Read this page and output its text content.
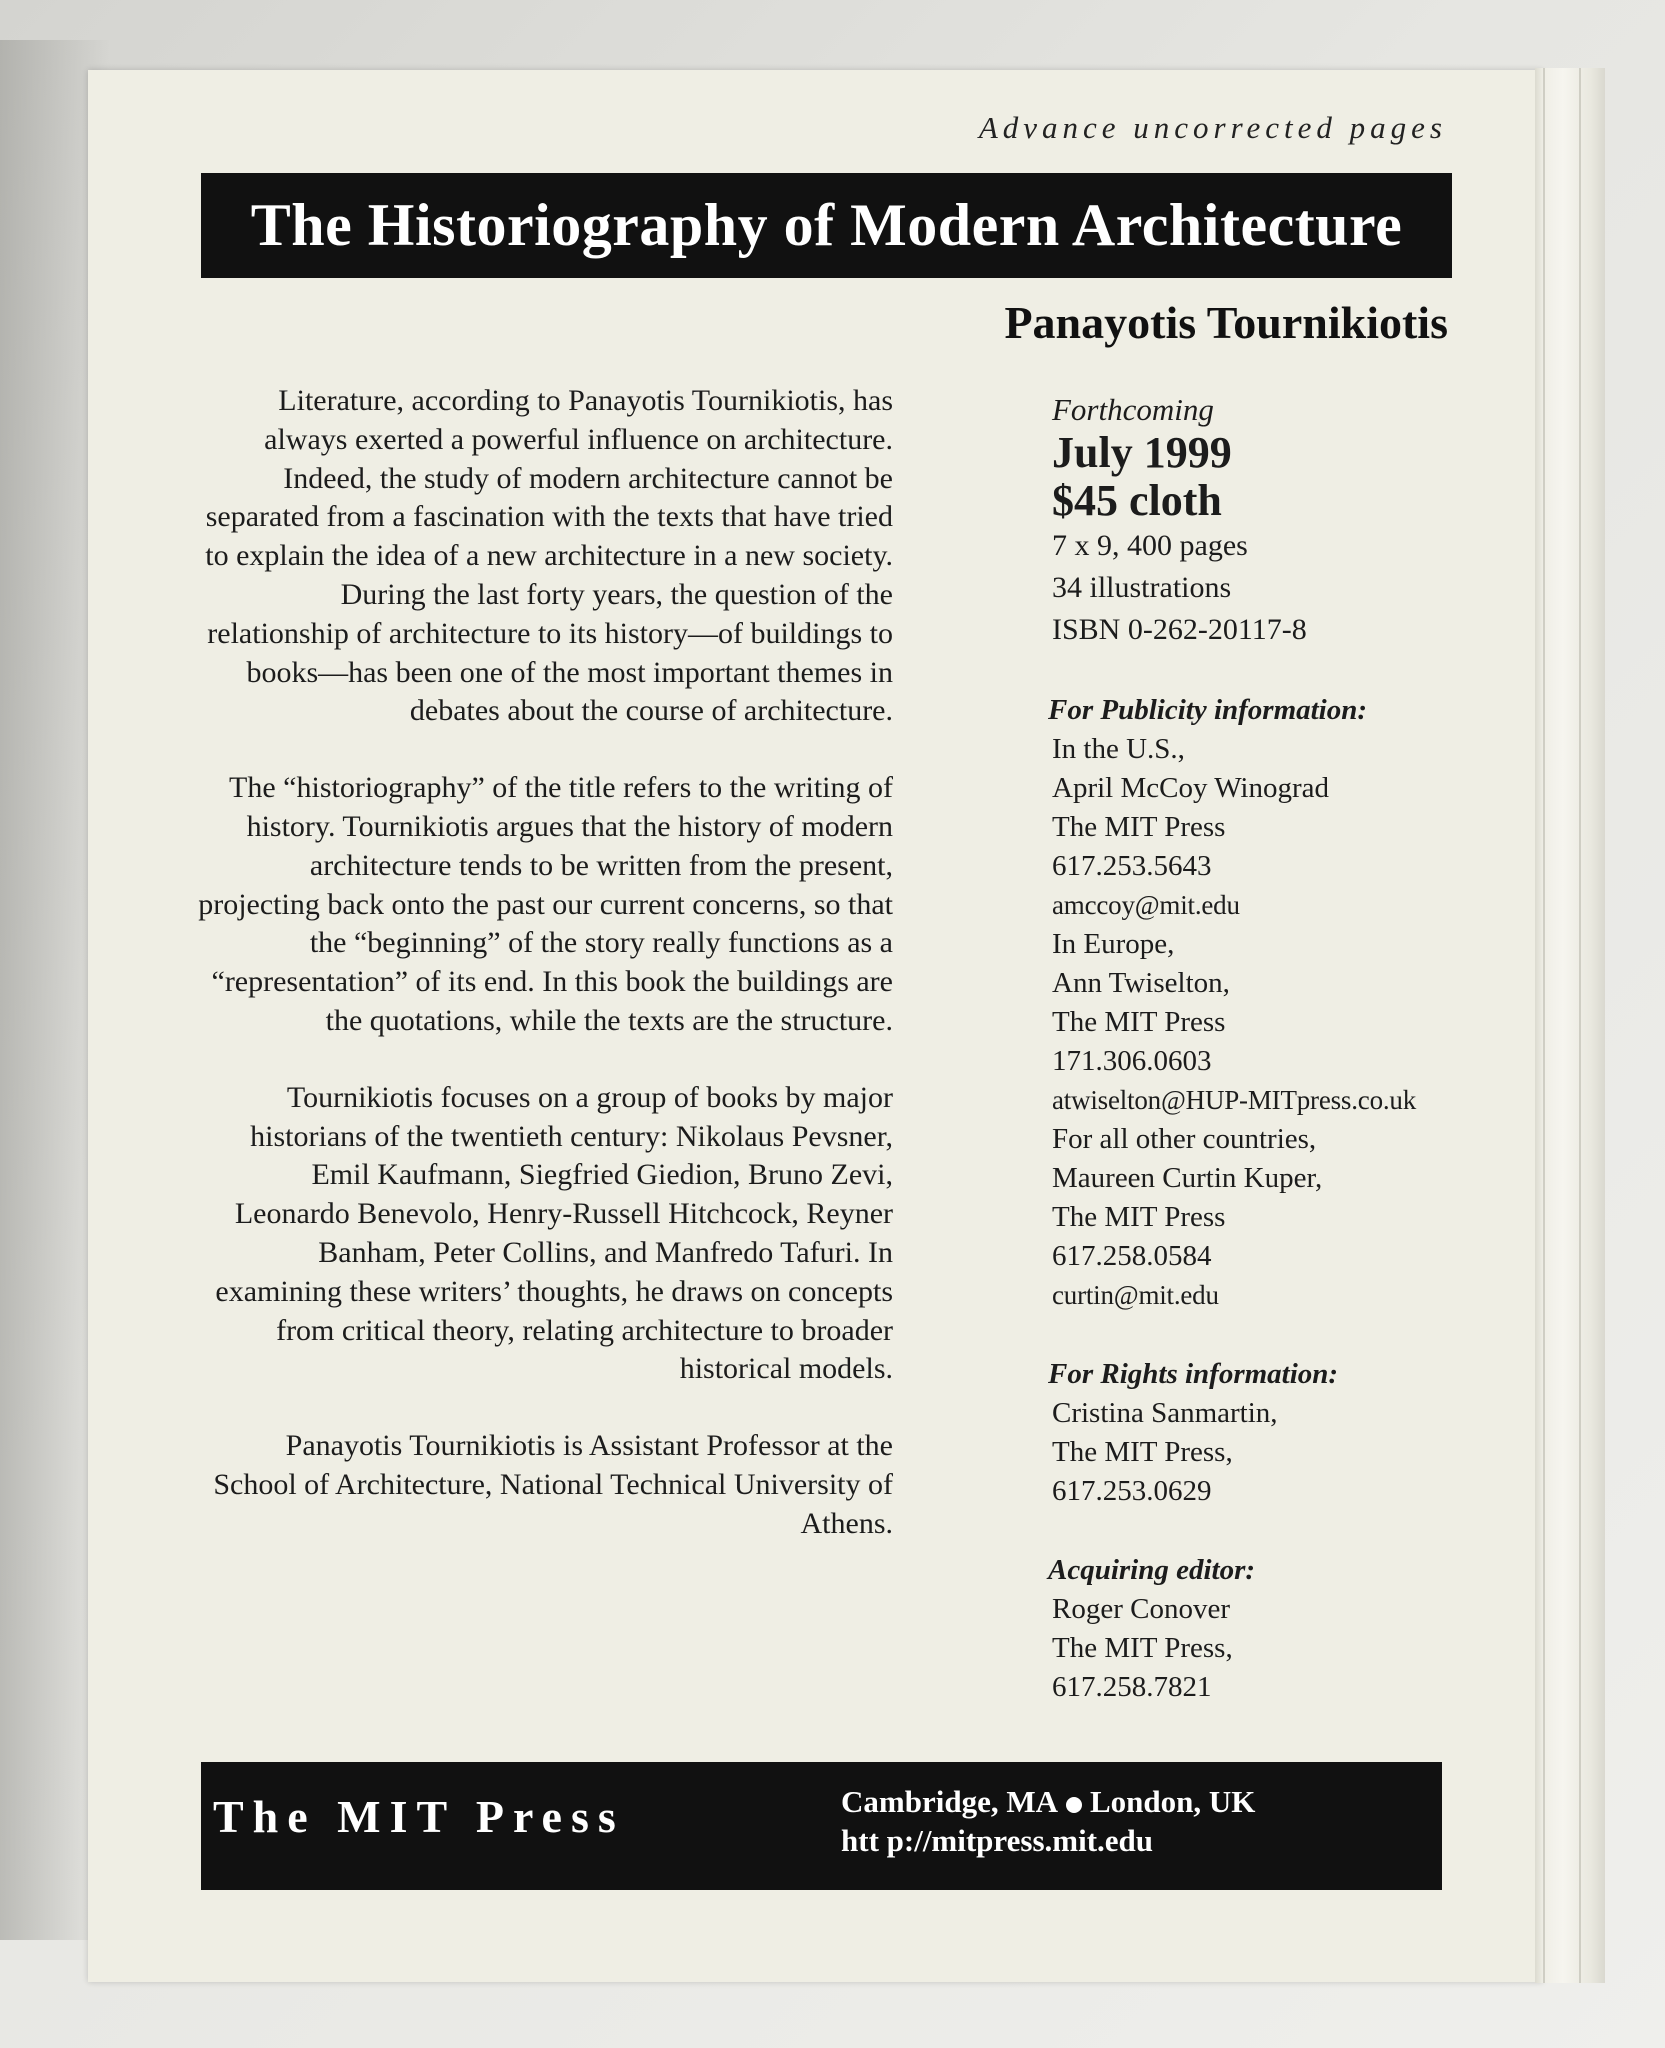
Advance uncorrected pages
The Historiography of Modern Architecture
Panayotis Tournikiotis

Literature, according to Panayotis Tournikiotis, has always exerted a powerful influence on architecture. Indeed, the study of modern architecture cannot be separated from a fascination with the texts that have tried to explain the idea of a new architecture in a new society. During the last forty years, the question of the relationship of architecture to its history—of buildings to books—has been one of the most important themes in debates about the course of architecture.

The “historiography” of the title refers to the writing of history. Tournikiotis argues that the history of modern architecture tends to be written from the present, projecting back onto the past our current concerns, so that the “beginning” of the story really functions as a “representation” of its end. In this book the buildings are the quotations, while the texts are the structure.

Tournikiotis focuses on a group of books by major historians of the twentieth century: Nikolaus Pevsner, Emil Kaufmann, Siegfried Giedion, Bruno Zevi, Leonardo Benevolo, Henry-Russell Hitchcock, Reyner Banham, Peter Collins, and Manfredo Tafuri. In examining these writers’ thoughts, he draws on concepts from critical theory, relating architecture to broader historical models.

Panayotis Tournikiotis is Assistant Professor at the School of Architecture, National Technical University of Athens.

Forthcoming
July 1999
$45 cloth
7 x 9, 400 pages
34 illustrations
ISBN 0-262-20117-8
For Publicity information:
In the U.S.,
April McCoy Winograd
The MIT Press
617.253.5643
amccoy@mit.edu
In Europe,
Ann Twiselton,
The MIT Press
171.306.0603
atwiselton@HUP-MITpress.co.uk
For all other countries,
Maureen Curtin Kuper,
The MIT Press
617.258.0584
curtin@mit.edu
For Rights information:
Cristina Sanmartin,
The MIT Press,
617.253.0629
Acquiring editor:
Roger Conover
The MIT Press,
617.258.7821
The MIT Press	Cambridge, MA London, UK
htt p://mitpress.mit.edu
